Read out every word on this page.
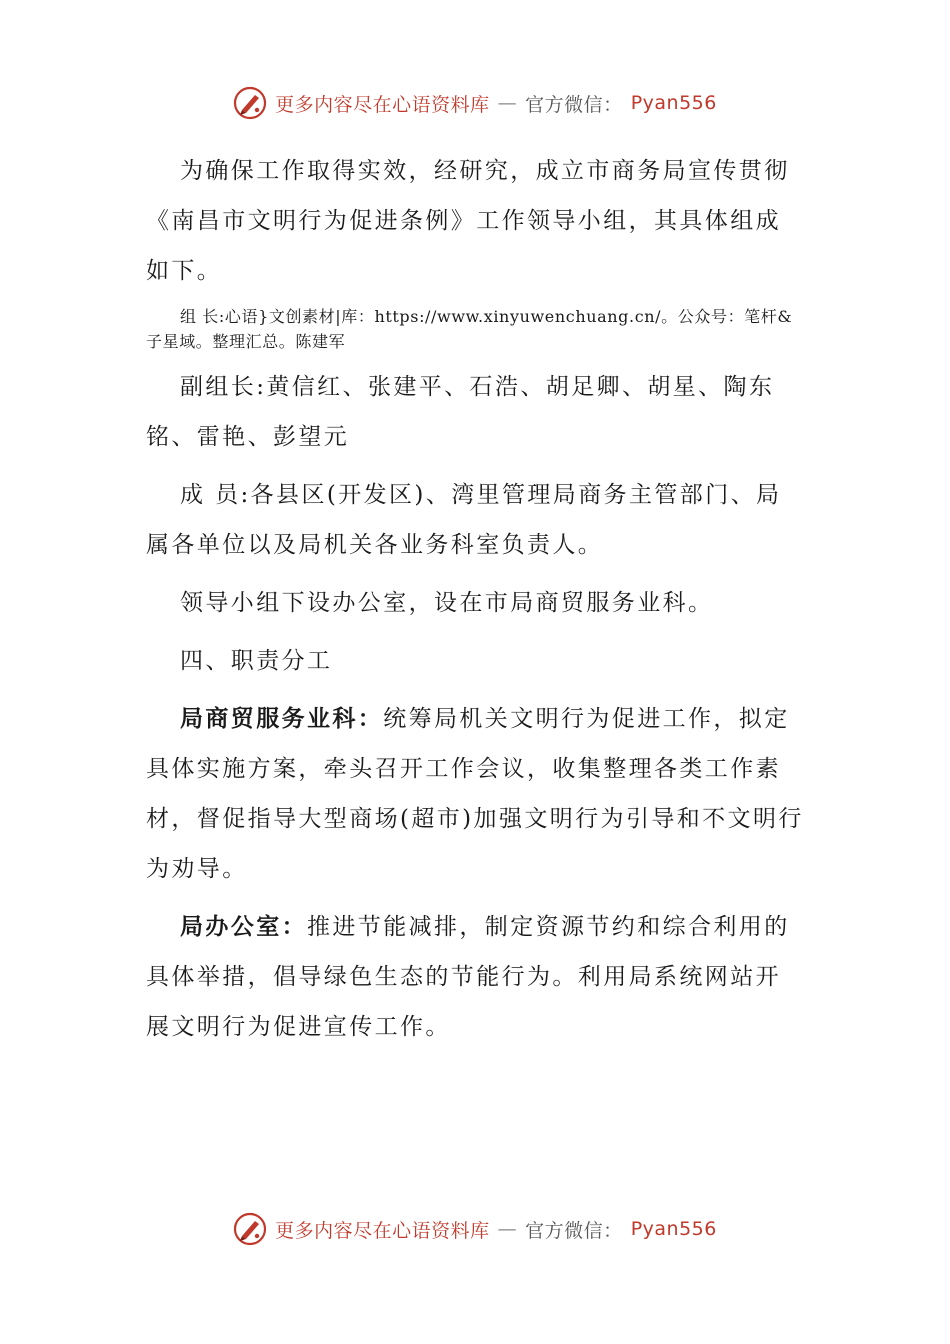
更多内容尽在心语资料库 — 官方微信： Pyan556

为确保工作取得实效，经研究，成立市商务局宣传贯彻《南昌市文明行为促进条例》工作领导小组，其具体组成如下。

组 长:心语}文创素材|库：https://www.xinyuwenchuang.cn/。公众号：笔杆&子星域。整理汇总。陈建军

副组长:黄信红、张建平、石浩、胡足卿、胡星、陶东铭、雷艳、彭望元

成 员:各县区(开发区)、湾里管理局商务主管部门、局属各单位以及局机关各业务科室负责人。

领导小组下设办公室，设在市局商贸服务业科。

四、职责分工

局商贸服务业科：统筹局机关文明行为促进工作，拟定具体实施方案，牵头召开工作会议，收集整理各类工作素材，督促指导大型商场(超市)加强文明行为引导和不文明行为劝导。

局办公室：推进节能减排，制定资源节约和综合利用的具体举措，倡导绿色生态的节能行为。利用局系统网站开展文明行为促进宣传工作。

更多内容尽在心语资料库 — 官方微信： Pyan556
